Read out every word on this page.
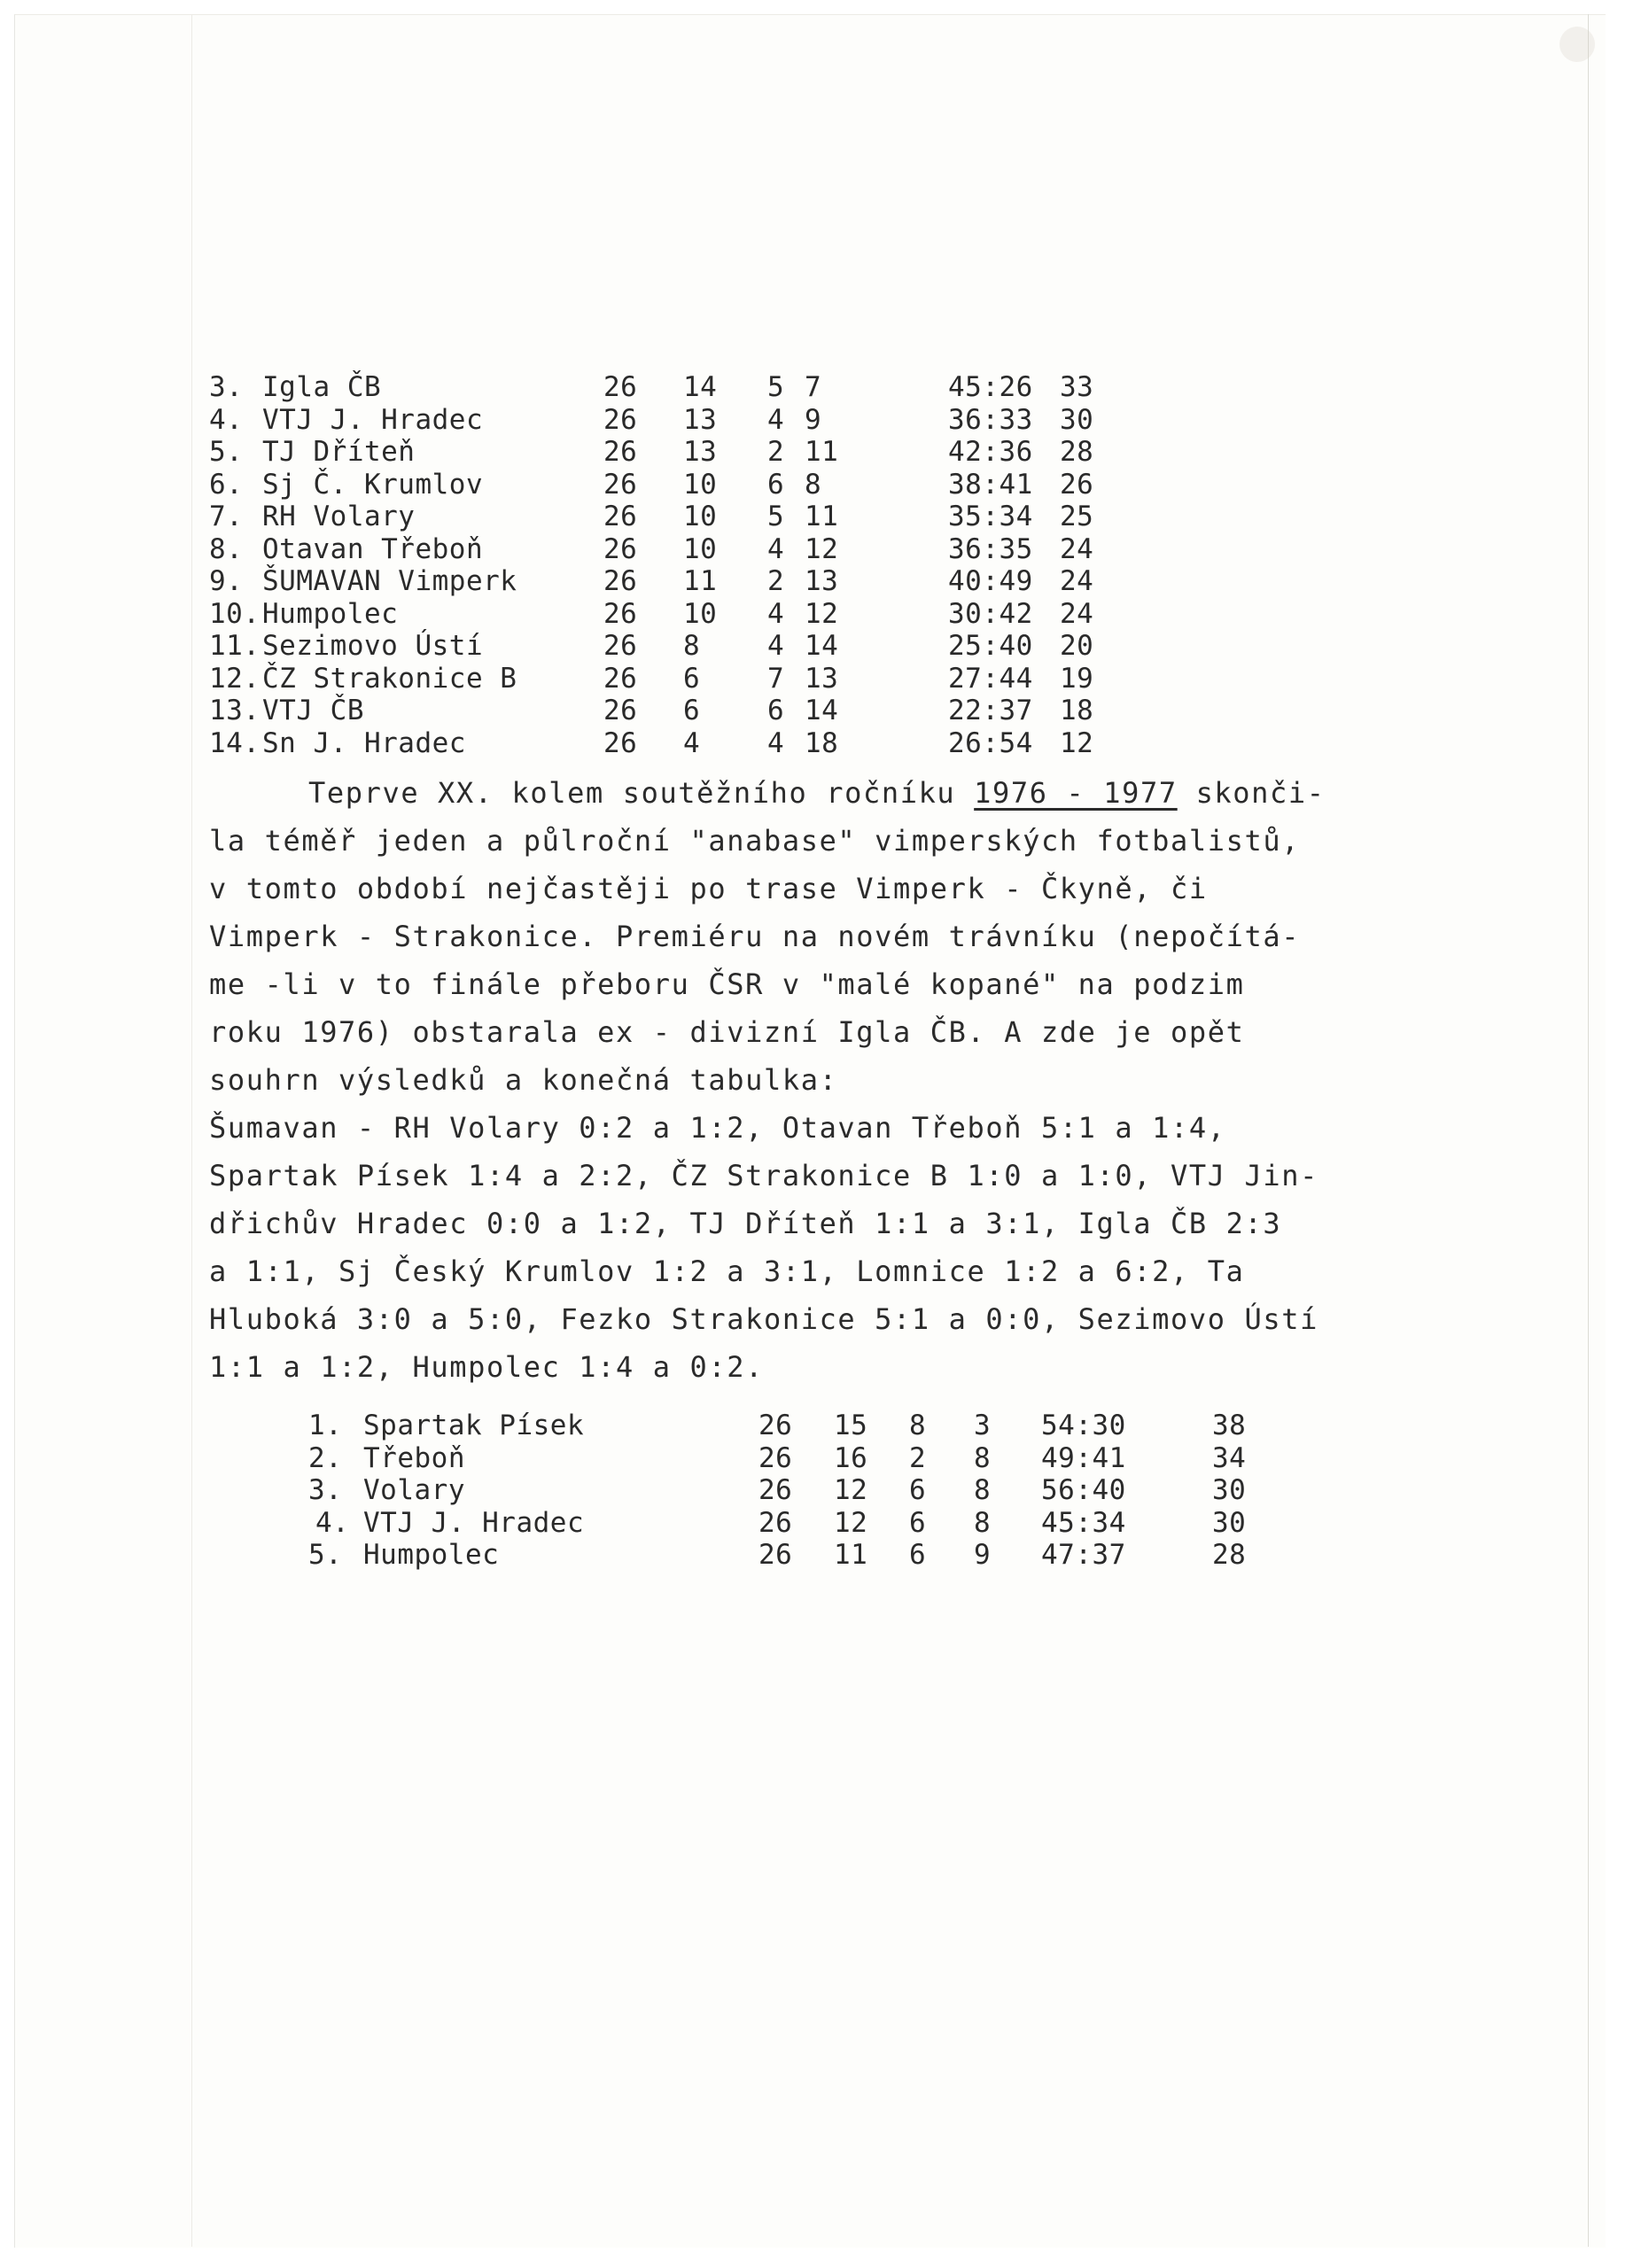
3. Igla ČB	26 14 5 7	45:26 33
4. VTJ J. Hradec	26 13 4 9	36:33 30
5. TJ Dříteň	26 13 2 11	42:36 28
6. Sj Č. Krumlov	26 10 6 8	38:41 26
7. RH Volary	26 10 5 11	35:34 25
8. Otavan Třeboň	26 10 4 12	36:35 24
9. ŠUMAVAN Vimperk	26 11 2 13	40:49 24
10. Humpolec	26 10 4 12	30:42 24
11. Sezimovo Ústí	26 8 4 14	25:40 20
12. ČZ Strakonice B	26 6 7 13	27:44 19
13. VTJ ČB	26 6 6 14	22:37 18
14. Sn J. Hradec	26 4 4 18	26:54 12
Teprve XX. kolem soutěžního ročníku 1976 - 1977 skonči-
la téměř jeden a půlroční "anabase" vimperských fotbalistů,
v tomto období nejčastěji po trase Vimperk - Čkyně, či
Vimperk - Strakonice. Premiéru na novém trávníku (nepočítá-
me -li v to finále přeboru ČSR v "malé kopané" na podzim
roku 1976) obstarala ex - divizní Igla ČB. A zde je opět
souhrn výsledků a konečná tabulka:
Šumavan - RH Volary 0:2 a 1:2, Otavan Třeboň 5:1 a 1:4,
Spartak Písek 1:4 a 2:2, ČZ Strakonice B 1:0 a 1:0, VTJ Jin-
dřichův Hradec 0:0 a 1:2, TJ Dříteň 1:1 a 3:1, Igla ČB 2:3
a 1:1, Sj Český Krumlov 1:2 a 3:1, Lomnice 1:2 a 6:2, Ta
Hluboká 3:0 a 5:0, Fezko Strakonice 5:1 a 0:0, Sezimovo Ústí
1:1 a 1:2, Humpolec 1:4 a 0:2.
1. Spartak Písek	26 15 8 3 54:30	38
2. Třeboň	26 16 2 8 49:41	34
3. Volary	26 12 6 8 56:40	30
4. VTJ J. Hradec	26 12 6 8 45:34	30
5. Humpolec	26 11 6 9 47:37	28
